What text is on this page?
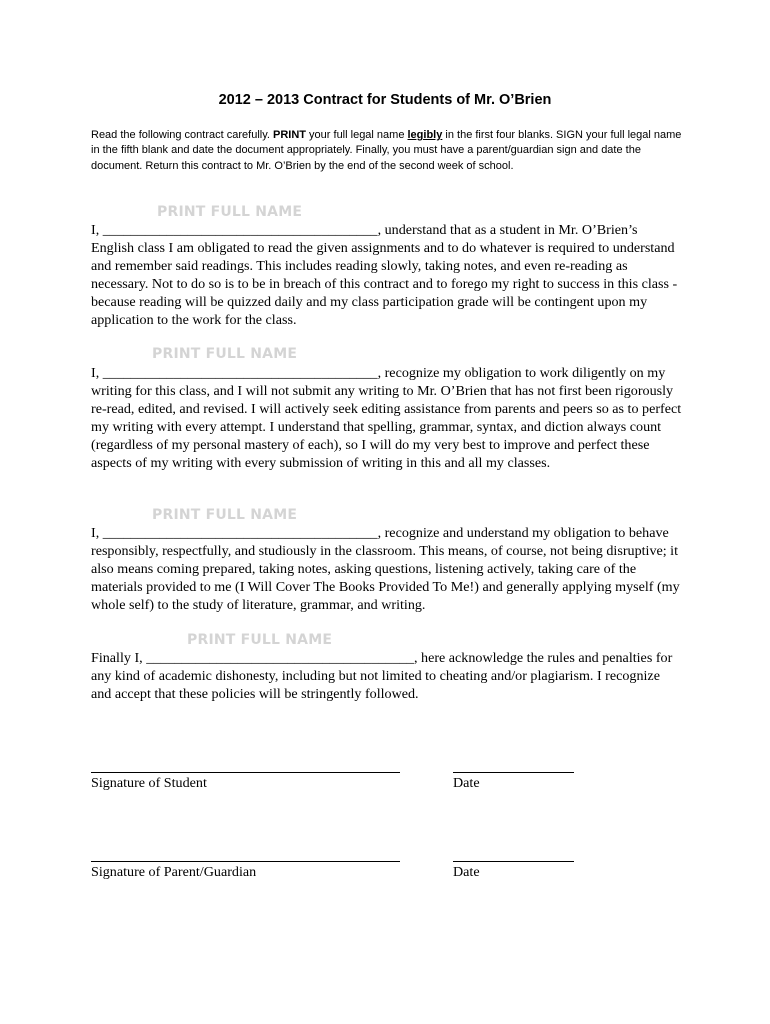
2012 – 2013 Contract for Students of Mr. O’Brien
Read the following contract carefully. PRINT your full legal name legibly in the first four blanks. SIGN your full legal name in the fifth blank and date the document appropriately. Finally, you must have a parent/guardian sign and date the document. Return this contract to Mr. O’Brien by the end of the second week of school.
PRINT FULL NAME
I, _______________________________________, understand that as a student in Mr. O’Brien’s English class I am obligated to read the given assignments and to do whatever is required to understand and remember said readings. This includes reading slowly, taking notes, and even re-reading as necessary. Not to do so is to be in breach of this contract and to forego my right to success in this class - because reading will be quizzed daily and my class participation grade will be contingent upon my application to the work for the class.
PRINT FULL NAME
I, _______________________________________, recognize my obligation to work diligently on my writing for this class, and I will not submit any writing to Mr. O’Brien that has not first been rigorously re-read, edited, and revised. I will actively seek editing assistance from parents and peers so as to perfect my writing with every attempt. I understand that spelling, grammar, syntax, and diction always count (regardless of my personal mastery of each), so I will do my very best to improve and perfect these aspects of my writing with every submission of writing in this and all my classes.
PRINT FULL NAME
I, _______________________________________, recognize and understand my obligation to behave responsibly, respectfully, and studiously in the classroom. This means, of course, not being disruptive; it also means coming prepared, taking notes, asking questions, listening actively, taking care of the materials provided to me (I Will Cover The Books Provided To Me!) and generally applying myself (my whole self) to the study of literature, grammar, and writing.
PRINT FULL NAME
Finally I, ______________________________________, here acknowledge the rules and penalties for any kind of academic dishonesty, including but not limited to cheating and/or plagiarism. I recognize and accept that these policies will be stringently followed.
Signature of Student	Date
Signature of Parent/Guardian	Date
